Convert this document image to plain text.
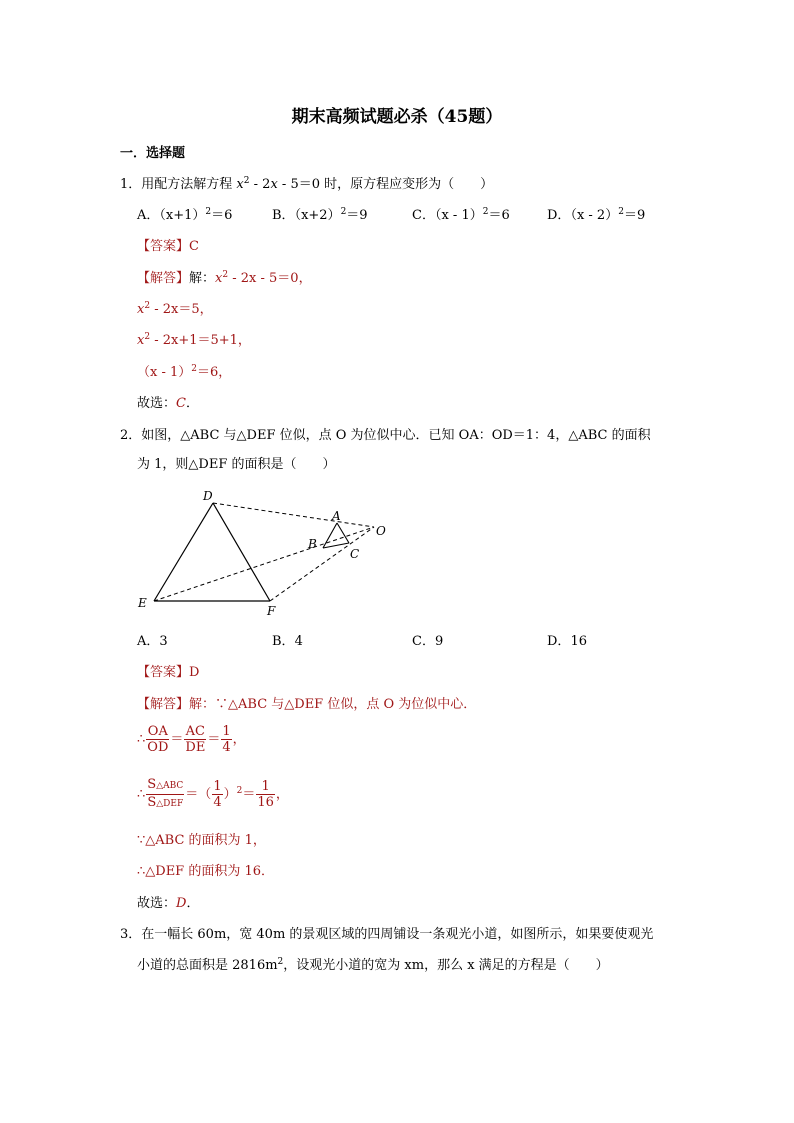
期末高频试题必杀（45题）
一．选择题
1．用配方法解方程 $x^2 - 2x - 5=0$ 时，原方程应变形为（　　）
A．$(x+1)^2=6$	B．$(x+2)^2=9$	C．（x - 1）$^2$＝6	D．（x - 2）$^2$＝9
【答案】C
【解答】解：$x^2 - 2x - 5=0$，
$x^2 - 2x=5$，
$x^2 - 2x+1=5+1$，
（x - 1）$^2$＝6，
故选：C．
2．如图，△ABC 与△DEF 位似，点 O 为位似中心．已知 OA：OD＝1：4，△ABC 的面积
为 1，则△DEF 的面积是（　　）
D
A
O
B
C
E
F
A．3	B．4	C．9	D．16
【答案】D
【解答】解：∵△ABC 与△DEF 位似，点 O 为位似中心．
∴ $\frac{OA}{OD} = \frac{AC}{DE} = \frac{1}{4}$ ，
∴ $\frac{\text{S△ABC}}{\text{S△DEF}}$ ＝（ $\frac{1}{4} )^2= \frac{1}{16}$ ，
∵△ABC 的面积为 1，
∴△DEF 的面积为 16．
故选：D．
3．在一幅长 60m，宽 40m 的景观区域的四周铺设一条观光小道，如图所示，如果要使观光
小道的总面积是 $2816m^2$，设观光小道的宽为 xm，那么 x 满足的方程是（　　）
